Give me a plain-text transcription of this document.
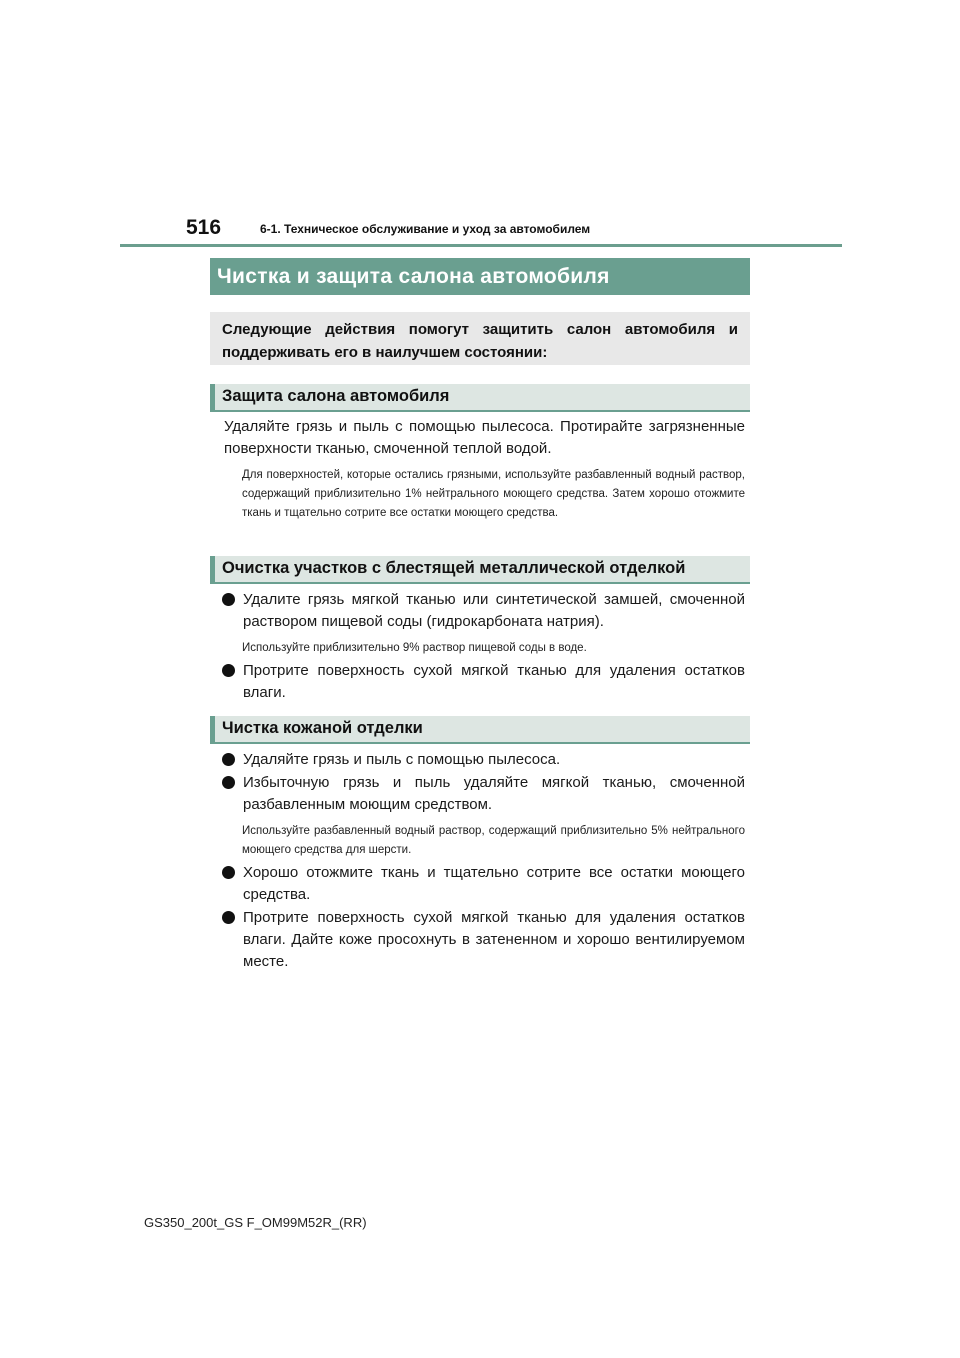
516	6-1. Техническое обслуживание и уход за автомобилем
Чистка и защита салона автомобиля
Следующие действия помогут защитить салон автомобиля и поддерживать его в наилучшем состоянии:
Защита салона автомобиля
Удаляйте грязь и пыль с помощью пылесоса. Протирайте загрязненные поверхности тканью, смоченной теплой водой.
Для поверхностей, которые остались грязными, используйте разбавленный водный раствор, содержащий приблизительно 1% нейтрального моющего средства. Затем хорошо отожмите ткань и тщательно сотрите все остатки моющего средства.
Очистка участков с блестящей металлической отделкой
Удалите грязь мягкой тканью или синтетической замшей, смоченной раствором пищевой соды (гидрокарбоната натрия).
Используйте приблизительно 9% раствор пищевой соды в воде.
Протрите поверхность сухой мягкой тканью для удаления остатков влаги.
Чистка кожаной отделки
Удаляйте грязь и пыль с помощью пылесоса.
Избыточную грязь и пыль удаляйте мягкой тканью, смоченной разбавленным моющим средством.
Используйте разбавленный водный раствор, содержащий приблизительно 5% нейтрального моющего средства для шерсти.
Хорошо отожмите ткань и тщательно сотрите все остатки моющего средства.
Протрите поверхность сухой мягкой тканью для удаления остатков влаги. Дайте коже просохнуть в затененном и хорошо вентилируемом месте.
GS350_200t_GS F_OM99M52R_(RR)
